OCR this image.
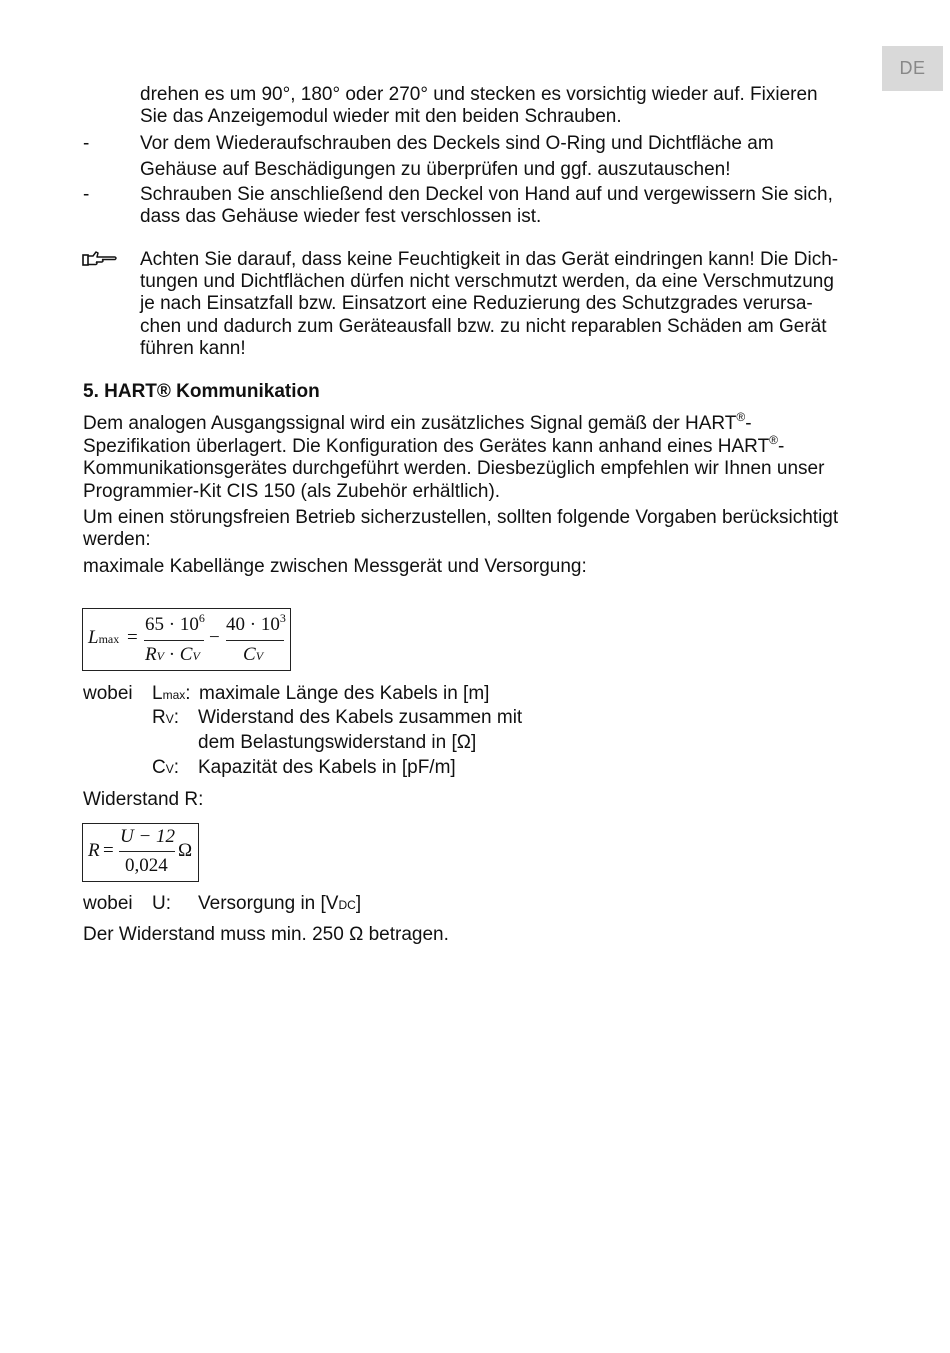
DE
drehen es um 90°, 180° oder 270° und stecken es vorsichtig wieder auf. Fixieren
Sie das Anzeigemodul wieder mit den beiden Schrauben.
-	Vor dem Wiederaufschrauben des Deckels sind O-Ring und Dichtfläche am
Gehäuse auf Beschädigungen zu überprüfen und ggf. auszutauschen!
-	Schrauben Sie anschließend den Deckel von Hand auf und vergewissern Sie sich,
dass das Gehäuse wieder fest verschlossen ist.
Achten Sie darauf, dass keine Feuchtigkeit in das Gerät eindringen kann! Die Dich-
tungen und Dichtflächen dürfen nicht verschmutzt werden, da eine Verschmutzung
je nach Einsatzfall bzw. Einsatzort eine Reduzierung des Schutzgrades verursa-
chen und dadurch zum Geräteausfall bzw. zu nicht reparablen Schäden am Gerät
führen kann!
5. HART® Kommunikation
Dem analogen Ausgangssignal wird ein zusätzliches Signal gemäß der HART®-
Spezifikation überlagert. Die Konfiguration des Gerätes kann anhand eines HART®-
Kommunikationsgerätes durchgeführt werden. Diesbezüglich empfehlen wir Ihnen unser
Programmier-Kit CIS 150 (als Zubehör erhältlich).
Um einen störungsfreien Betrieb sicherzustellen, sollten folgende Vorgaben berücksichtigt
werden:
maximale Kabellänge zwischen Messgerät und Versorgung:
Lmax =
$65 \cdot 10^6$
RV · CV
−
$40 \cdot 10^3$
CV
wobei Lmax: maximale Länge des Kabels in [m]
RV: Widerstand des Kabels zusammen mit
dem Belastungswiderstand in [Ω]
CV: Kapazität des Kabels in [pF/m]
Widerstand R:
R =
U − 12
0,024
Ω
wobei U: Versorgung in [VDC]
Der Widerstand muss min. 250 Ω betragen.
